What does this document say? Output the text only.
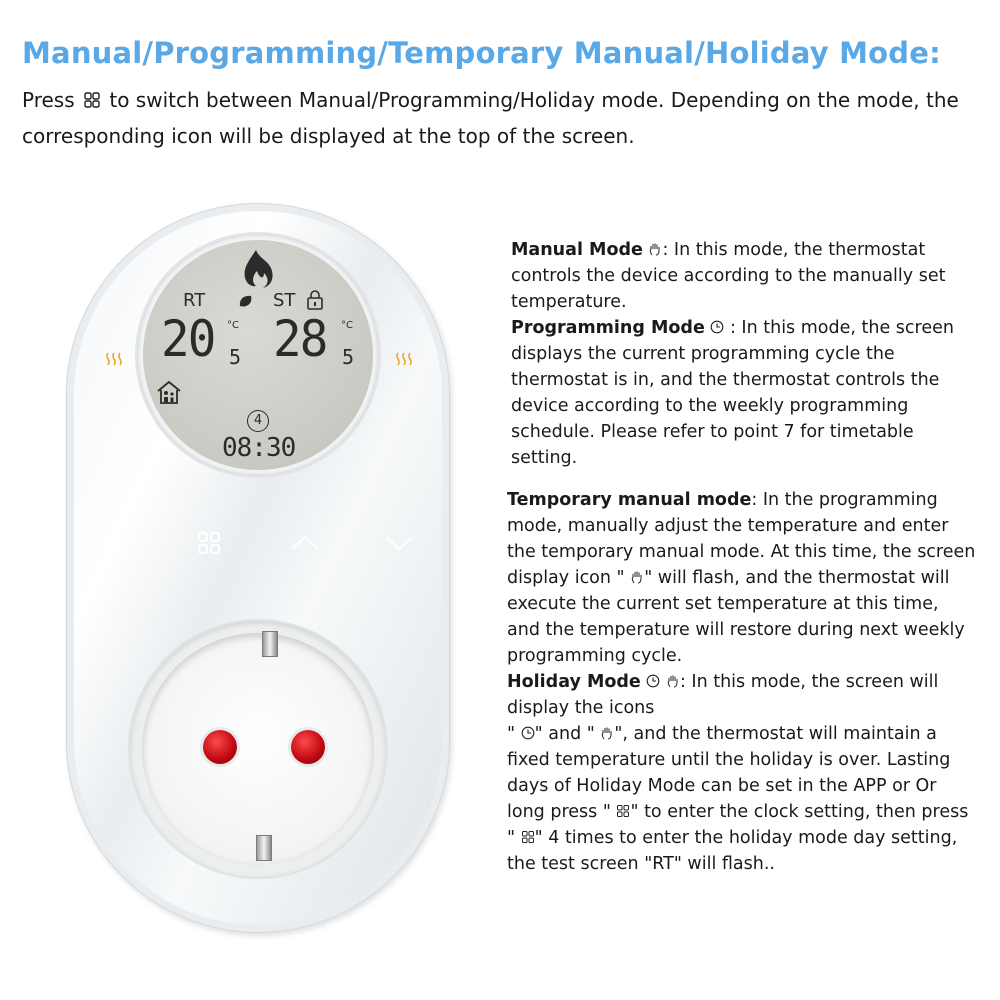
Manual/Programming/Temporary Manual/Holiday Mode:
Press to switch between Manual/Programming/Holiday mode. Depending on the mode, the corresponding icon will be displayed at the top of the screen.
RT	ST
20 °C
5 28 °C
5
4
08:30
Manual Mode : In this mode, the thermostat controls the device according to the manually set temperature.
Programming Mode  : In this mode, the screen displays the current programming cycle the thermostat is in, and the thermostat controls the device according to the weekly programming schedule. Please refer to point 7 for timetable setting.
Temporary manual mode: In the programming mode, manually adjust the temperature and enter the temporary manual mode. At this time, the screen display icon " " will flash, and the thermostat will execute the current set temperature at this time, and the temperature will restore during next weekly programming cycle.
Holiday Mode : In this mode, the screen will display the icons
" " and " ", and the thermostat will maintain a fixed temperature until the holiday is over. Lasting days of Holiday Mode can be set in the APP or Or long press " " to enter the clock setting, then press " " 4 times to enter the holiday mode day setting, the test screen "RT" will flash..
